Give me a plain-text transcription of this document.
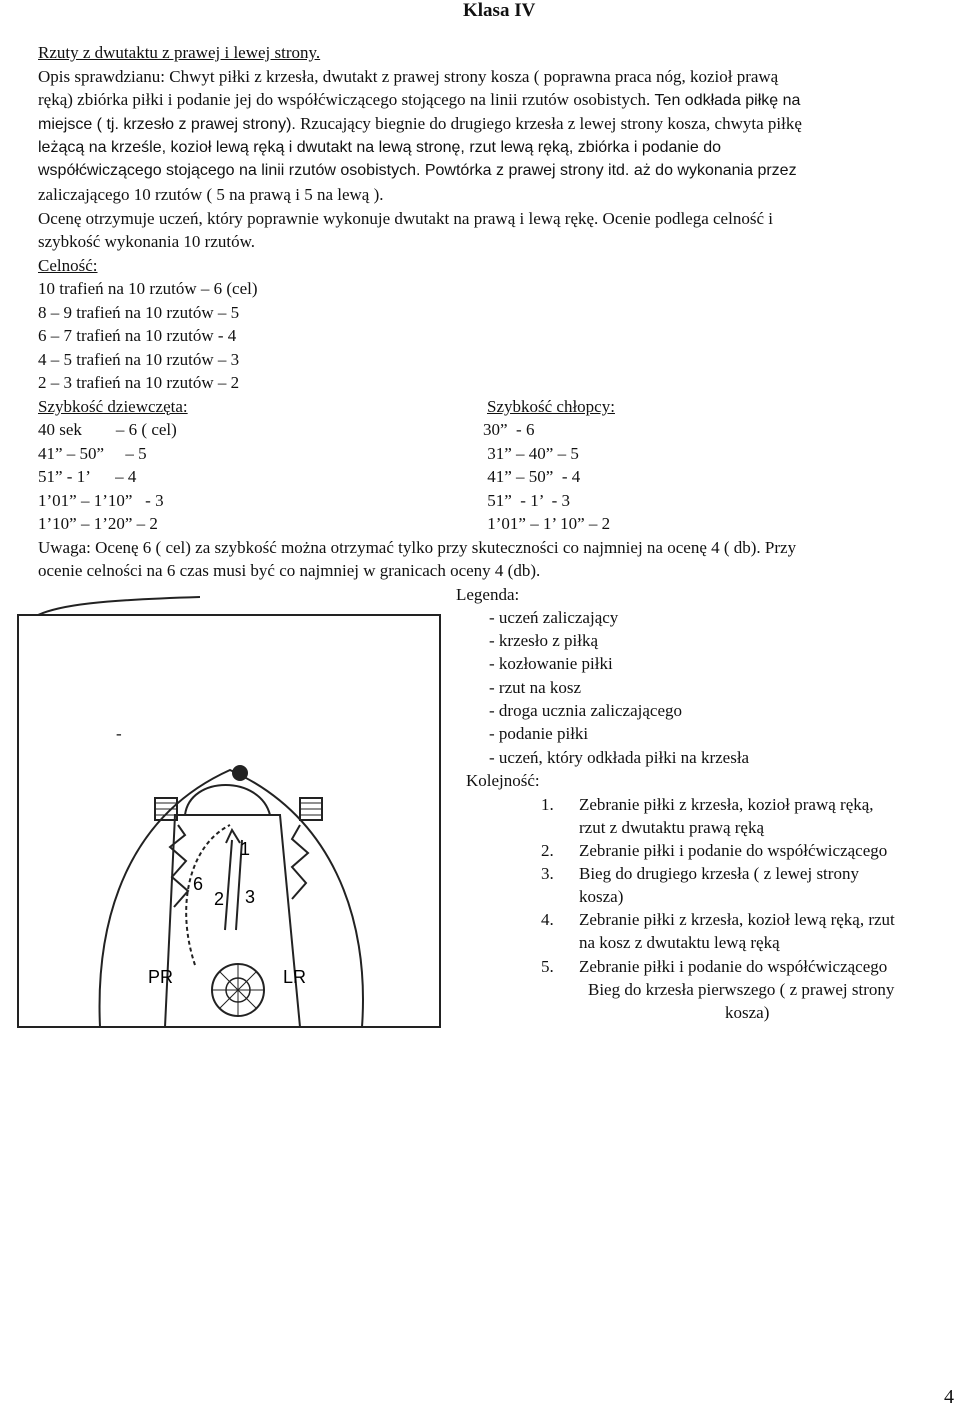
Klasa IV
Rzuty z dwutaktu z prawej i lewej strony.
Opis sprawdzianu: Chwyt piłki z krzesła, dwutakt z prawej strony kosza ( poprawna praca nóg, kozioł prawą
ręką) zbiórka piłki i podanie jej do współćwiczącego stojącego na linii rzutów osobistych. Ten odkłada piłkę na
miejsce ( tj. krzesło z prawej strony). Rzucający biegnie do drugiego krzesła z lewej strony kosza, chwyta piłkę
leżącą na krześle, kozioł lewą ręką i dwutakt na lewą stronę, rzut lewą ręką, zbiórka i podanie do
współćwiczącego stojącego na linii rzutów osobistych. Powtórka z prawej strony itd. aż do wykonania przez
zaliczającego 10 rzutów ( 5 na prawą i 5 na lewą ).
Ocenę otrzymuje uczeń, który poprawnie wykonuje dwutakt na prawą i lewą rękę. Ocenie podlega celność i
szybkość wykonania 10 rzutów.
Celność:
10 trafień na 10 rzutów – 6 (cel)
8 – 9 trafień na 10 rzutów – 5
6 – 7 trafień na 10 rzutów - 4
4 – 5 trafień na 10 rzutów – 3
2 – 3 trafień na 10 rzutów – 2
Szybkość dziewczęta:
40 sek        – 6 ( cel)
41” – 50”     – 5
51” - 1’      – 4
1’01” – 1’10”   - 3
1’10” – 1’20” – 2
Szybkość chłopcy:
30”  - 6
31” – 40” – 5
41” – 50”  - 4
51”  - 1’  - 3
1’01” – 1’ 10” – 2
Uwaga: Ocenę 6 ( cel) za szybkość można otrzymać tylko przy skuteczności co najmniej na ocenę 4 ( db). Przy
ocenie celności na 6 czas musi być co najmniej w granicach oceny 4 (db).
6
2 3
1
PR	LR
Legenda:
- uczeń zaliczający
- krzesło z piłką
- kozłowanie piłki
- rzut na kosz
- droga ucznia zaliczającego
- podanie piłki
- uczeń, który odkłada piłki na krzesła
-
Kolejność:
1. Zebranie piłki z krzesła, kozioł prawą ręką,
rzut z dwutaktu prawą ręką
2. Zebranie piłki i podanie do współćwiczącego
3. Bieg do drugiego krzesła ( z lewej strony
kosza)
4. Zebranie piłki z krzesła, kozioł lewą ręką, rzut
na kosz z dwutaktu lewą ręką
5. Zebranie piłki i podanie do współćwiczącego
Bieg do krzesła pierwszego ( z prawej strony
kosza)
4
